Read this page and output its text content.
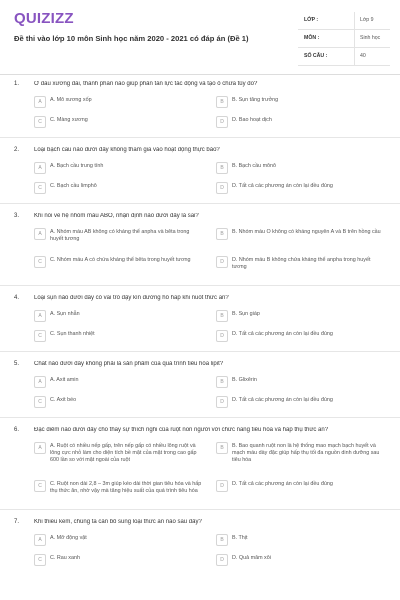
QUIZIZZ
Đề thi vào lớp 10 môn Sinh học năm 2020 - 2021 có đáp án (Đề 1)
LỚP :	Lớp 9
MÔN :	Sinh học
SỐ CÂU :	40
1. Ở đầu xương dài, thành phần nào giúp phân tán lực tác động và tạo ô chứa tủy đỏ?
A	A. Mô xương xốp	B	B. Sụn tăng trưởng
C	C. Màng xương	D	D. Bao hoạt dịch
2. Loại bạch cầu nào dưới đây không tham gia vào hoạt động thực bào?
A	A. Bạch cầu trung tính	B	B. Bạch cầu mônô
C	C. Bạch cầu limphô	D	D. Tất cả các phương án còn lại đều đúng
3. Khi nói về hệ nhóm máu ABO, nhận định nào dưới đây là sai?
A	A. Nhóm máu AB không có kháng thể anpha và bêta trong huyết tương
B	B. Nhóm máu O không có kháng nguyên A và B trên hồng cầu
C	C. Nhóm máu A có chứa kháng thể bêta trong huyết tương	D	D. Nhóm máu B không chứa kháng thể anpha trong huyết tương
4. Loại sụn nào dưới đây có vai trò đậy kín đường hô hấp khi nuốt thức ăn?
A	A. Sụn nhẫn	B	B. Sụn giáp
C	C. Sụn thanh nhiệt	D	D. Tất cả các phương án còn lại đều đúng
5. Chất nào dưới đây không phải là sản phẩm của quá trình tiêu hóa lipit?
A	A. Axit amin	B	B. Glixêrin
C	C. Axit béo	D	D. Tất cả các phương án còn lại đều đúng
6. Đặc điểm nào dưới đây cho thấy sự thích nghi của ruột non người với chức năng tiêu hóa và hấp thụ thức ăn?
A	A. Ruột có nhiều nếp gấp, trên nếp gấp có nhiều lông ruột và lông cực nhỏ làm cho diện tích bề mặt của mặt trong cao gấp 600 lần so với mặt ngoài của ruột
B	B. Bao quanh ruột non là hệ thống mao mạch bạch huyết và mạch máu dày đặc giúp hấp thụ tối đa nguồn dinh dưỡng sau tiêu hóa
C	C. Ruột non dài 2,8 – 3m giúp kéo dài thời gian tiêu hóa và hấp thụ thức ăn, nhờ vậy mà tăng hiệu suất của quá trình tiêu hóa
D	D. Tất cả các phương án còn lại đều đúng
7. Khi thiếu kẽm, chúng ta cần bổ sung loại thức ăn nào sau đây?
A	A. Mỡ động vật	B	B. Thịt
C	C. Rau xanh	D	D. Quả mâm xôi
